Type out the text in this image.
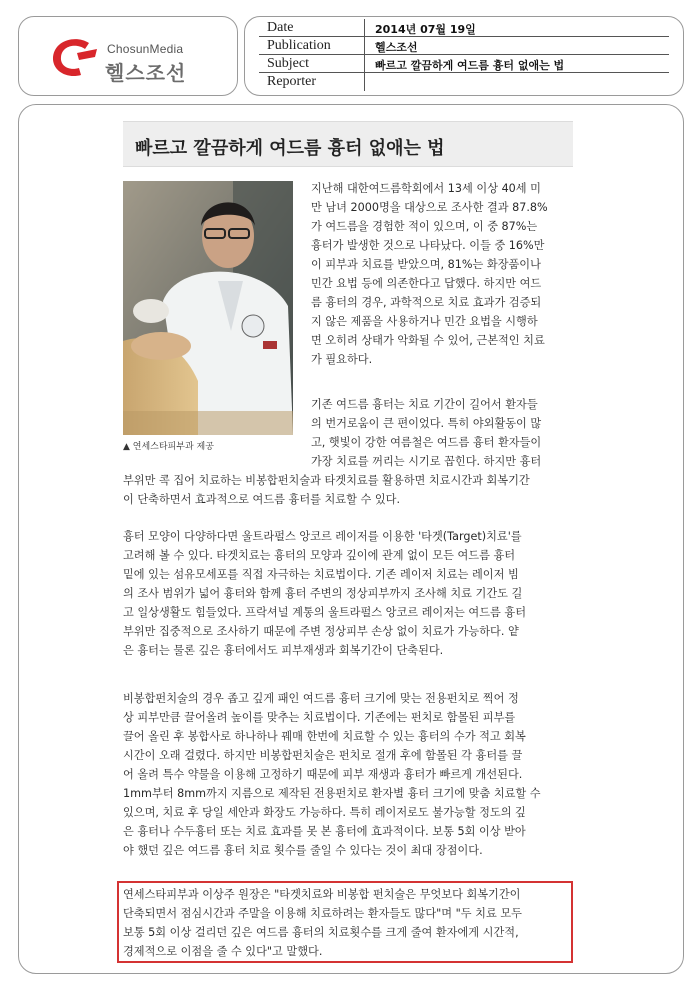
ChosunMedia
헬스조선
Date	2014년 07월 19일
Publication	헬스조선
Subject	빠르고 깔끔하게 여드름 흉터 없애는 법
Reporter
빠르고 깔끔하게 여드름 흉터 없애는 법
▲ 연세스타피부과 제공
지난해 대한여드름학회에서 13세 이상 40세 미
만 남녀 2000명을 대상으로 조사한 결과 87.8%
가 여드름을 경험한 적이 있으며, 이 중 87%는
흉터가 발생한 것으로 나타났다. 이들 중 16%만
이 피부과 치료를 받았으며, 81%는 화장품이나
민간 요법 등에 의존한다고 답했다. 하지만 여드
름 흉터의 경우, 과학적으로 치료 효과가 검증되
지 않은 제품을 사용하거나 민간 요법을 시행하
면 오히려 상태가 악화될 수 있어, 근본적인 치료
가 필요하다.
기존 여드름 흉터는 치료 기간이 길어서 환자들
의 번거로움이 큰 편이었다. 특히 야외활동이 많
고, 햇빛이 강한 여름철은 여드름 흉터 환자들이
가장 치료를 꺼리는 시기로 꼽힌다. 하지만 흉터
부위만 콕 집어 치료하는 비봉합펀치술과 타겟치료를 활용하면 치료시간과 회복기간
이 단축하면서 효과적으로 여드름 흉터를 치료할 수 있다.
흉터 모양이 다양하다면 울트라펄스 앙코르 레이저를 이용한 '타겟(Target)치료'를
고려해 볼 수 있다. 타겟치료는 흉터의 모양과 깊이에 관계 없이 모든 여드름 흉터
밑에 있는 섬유모세포를 직접 자극하는 치료법이다. 기존 레이저 치료는 레이저 빔
의 조사 범위가 넓어 흉터와 함께 흉터 주변의 정상피부까지 조사해 치료 기간도 길
고 일상생활도 힘들었다. 프락셔널 계통의 울트라펄스 앙코르 레이저는 여드름 흉터
부위만 집중적으로 조사하기 때문에 주변 정상피부 손상 없이 치료가 가능하다. 얕
은 흉터는 물론 깊은 흉터에서도 피부재생과 회복기간이 단축된다.
비봉합펀치술의 경우 좁고 깊게 패인 여드름 흉터 크기에 맞는 전용펀치로 찍어 정
상 피부만큼 끌어올려 높이를 맞추는 치료법이다. 기존에는 펀치로 함몰된 피부를
끌어 올린 후 봉합사로 하나하나 꿰매 한번에 치료할 수 있는 흉터의 수가 적고 회복
시간이 오래 걸렸다. 하지만 비봉합펀치술은 펀치로 절개 후에 함몰된 각 흉터를 끌
어 올려 특수 약물을 이용해 고정하기 때문에 피부 재생과 흉터가 빠르게 개선된다.
1mm부터 8mm까지 지름으로 제작된 전용펀치로 환자별 흉터 크기에 맞춤 치료할 수
있으며, 치료 후 당일 세안과 화장도 가능하다. 특히 레이저로도 불가능할 정도의 깊
은 흉터나 수두흉터 또는 치료 효과를 못 본 흉터에 효과적이다. 보통 5회 이상 받아
야 했던 깊은 여드름 흉터 치료 횟수를 줄일 수 있다는 것이 최대 장점이다.
연세스타피부과 이상주 원장은 "타겟치료와 비봉합 펀치술은 무엇보다 회복기간이
단축되면서 점심시간과 주말을 이용해 치료하려는 환자들도 많다"며 "두 치료 모두
보통 5회 이상 걸리던 깊은 여드름 흉터의 치료횟수를 크게 줄여 환자에게 시간적,
경제적으로 이점을 줄 수 있다"고 말했다.
